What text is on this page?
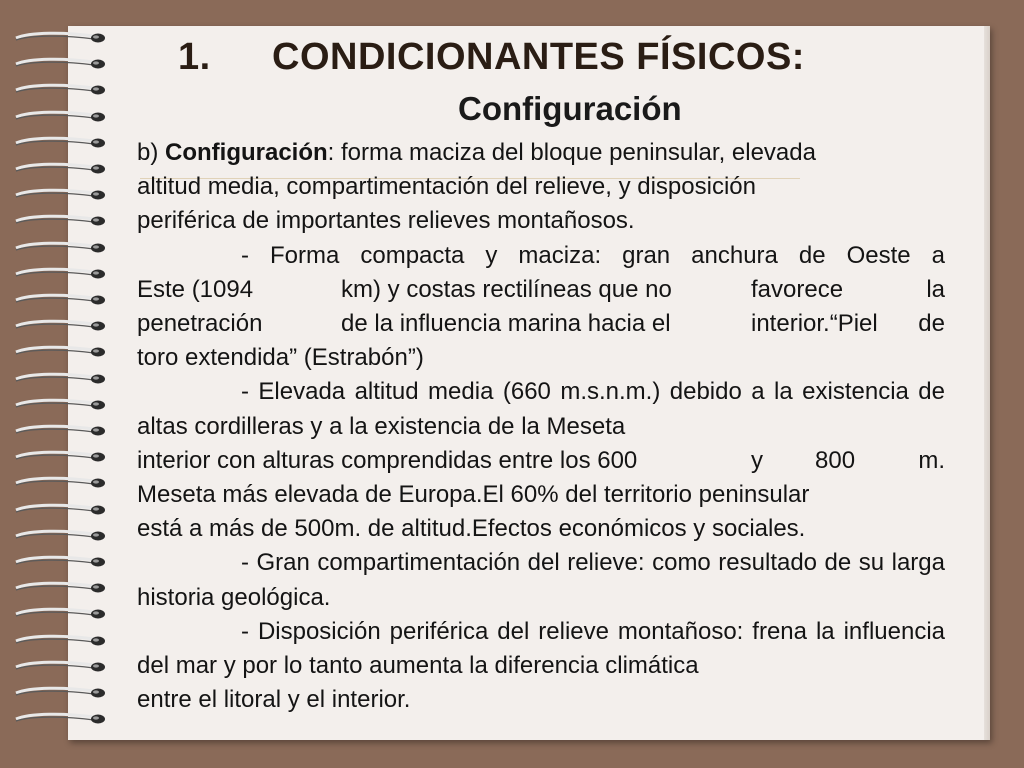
1. CONDICIONANTES FÍSICOS:
Configuración

b) Configuración: forma maciza del bloque peninsular, elevada
altitud media, compartimentación del relieve, y disposición
periférica de importantes relieves montañosos.

- Forma compacta y maciza: gran anchura de Oeste a
Este (1094	km) y costas rectilíneas que no	favorece	la
penetración	de la influencia marina hacia el	interior.“Piel	de
toro extendida” (Estrabón”)

- Elevada altitud media (660 m.s.n.m.) debido a la existencia de altas cordilleras y a la existencia de la Meseta

interior con alturas comprendidas entre los 600	y	800	m.
Meseta más elevada de Europa.El 60% del territorio peninsular
está a más de 500m. de altitud.Efectos económicos y sociales.

- Gran compartimentación del relieve: como resultado de su larga historia geológica.

- Disposición periférica del relieve montañoso: frena la influencia del mar y por lo tanto aumenta la diferencia climática

entre el litoral y el interior.
